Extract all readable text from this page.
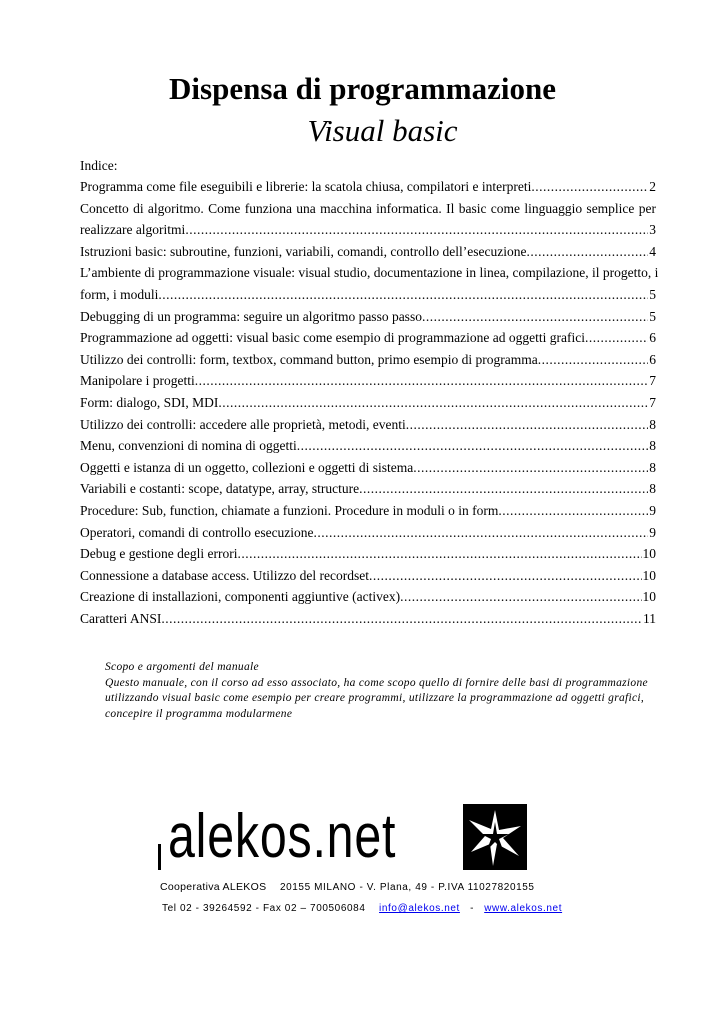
Dispensa di programmazione
Visual basic
Indice:
Programma come file eseguibili e librerie: la scatola chiusa, compilatori e interpreti .....	2
Concetto di algoritmo. Come funziona una macchina informatica. Il basic come linguaggio semplice per
realizzare algoritmi .....	3
Istruzioni basic: subroutine, funzioni, variabili, comandi, controllo dell’esecuzione .....	4
L’ambiente di programmazione visuale: visual studio, documentazione in linea, compilazione, il progetto, i
form, i moduli .....	5
Debugging di un programma: seguire un algoritmo passo passo .....	5
Programmazione ad oggetti: visual basic come esempio di programmazione ad oggetti grafici .....	6
Utilizzo dei controlli: form, textbox, command button, primo esempio di programma .....	6
Manipolare i progetti .....	7
Form: dialogo, SDI, MDI .....	7
Utilizzo dei controlli: accedere alle proprietà, metodi, eventi .....	8
Menu, convenzioni di nomina di oggetti .....	8
Oggetti e istanza di un oggetto, collezioni e oggetti di sistema .....	8
Variabili e costanti: scope, datatype, array, structure .....	8
Procedure: Sub, function, chiamate a funzioni. Procedure in moduli o in form .....	9
Operatori, comandi di controllo esecuzione .....	9
Debug e gestione degli errori .....	10
Connessione a database access. Utilizzo del recordset .....	10
Creazione di installazioni, componenti aggiuntive (activex) .....	10
Caratteri ANSI .....	11
Scopo e argomenti del manuale
Questo manuale, con il corso ad esso associato, ha come scopo quello di fornire delle basi di programmazione utilizzando visual basic come esempio per creare programmi, utilizzare la programmazione ad oggetti grafici, concepire il programma modularmene
alekos.net
Cooperativa ALEKOS 20155 MILANO - V. Plana, 49 - P.IVA 11027820155
Tel 02 - 39264592 - Fax 02 – 700506084 info@alekos.net - www.alekos.net
